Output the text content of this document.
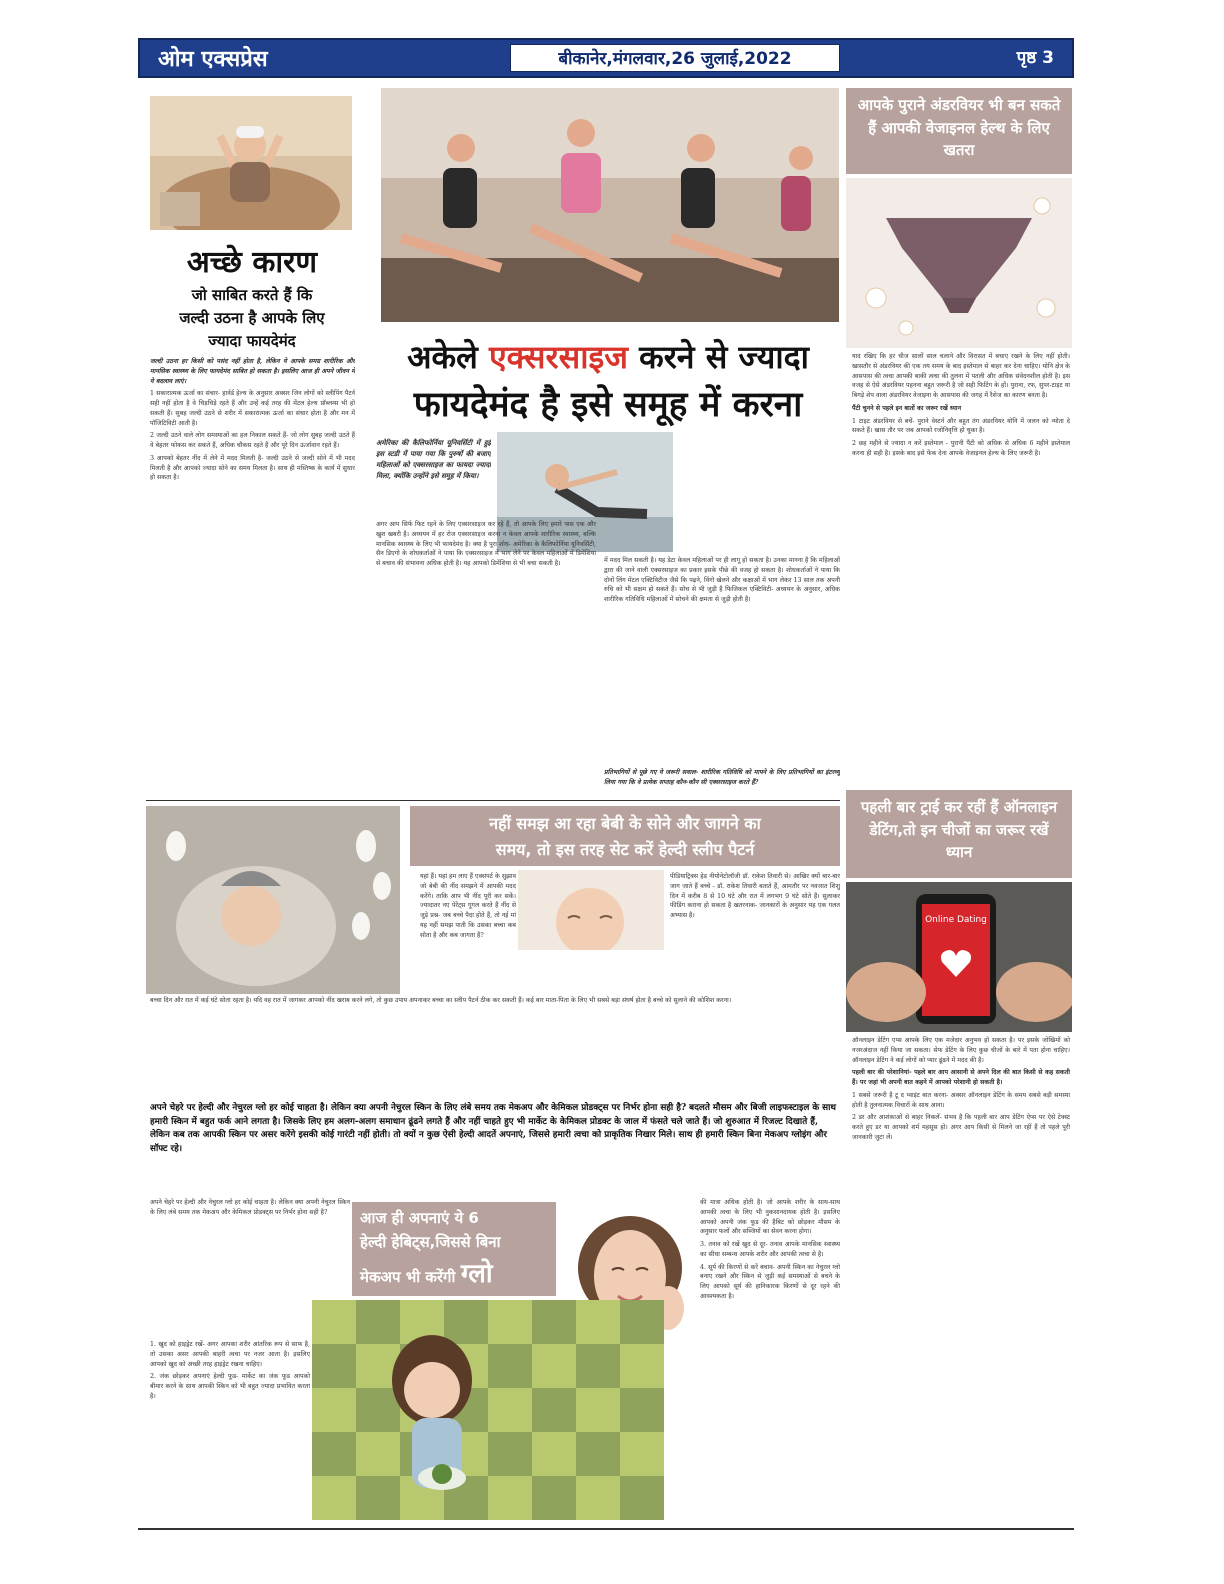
ओम एक्सप्रेस	बीकानेर,मंगलवार,26 जुलाई,2022	पृष्ठ 3
अच्छे कारण
जो साबित करते हैं कि
जल्दी उठना है आपके लिए
ज्यादा फायदेमंद

जल्दी उठना हर किसी को पसंद नहीं होता है, लेकिन ये आपके समग्र शारीरिक और मानसिक स्वास्थ्य के लिए फायदेमंद साबित हो सकता है। इसलिए आज ही अपने जीवन में ये बदलाव लाएं।

1 सकारात्मक ऊर्जा का संचार- हार्वर्ड हेल्थ के अनुसार अक्सर जिन लोगों को स्लीपिंग पैटर्न सही नहीं होता है वे चिड़चिड़े रहते हैं और उन्हें कई तरह की मेंटल हेल्थ प्रॉब्लम्स भी हो सकती हैं। सुबह जल्दी उठने से शरीर में सकारात्मक ऊर्जा का संचार होता है और मन में पॉजिटिविटी आती है।

2 जल्दी उठने वाले लोग समस्याओं का हल निकाल सकते हैं- जो लोग सुबह जल्दी उठते हैं वे बेहतर फोकस कर सकते हैं, अधिक चौकस रहते हैं और पूरे दिन ऊर्जावान रहते हैं।

3 आपको बेहतर नींद में लेने में मदद मिलती है- जल्दी उठने से जल्दी सोने में भी मदद मिलती है और आपको ज्यादा सोने का समय मिलता है। साथ ही मस्तिष्क के कार्य में सुधार हो सकता है।

अकेले एक्सरसाइज करने से ज्यादा
फायदेमंद है इसे समूह में करना
अमेरिका की कैलिफोर्निया यूनिवर्सिटी में हुई इस स्टडी में पाया गया कि पुरुषों की बजाए महिलाओं को एक्सरसाइज का फायदा ज्यादा मिला, क्योंकि उन्होंने इसे समूह में किया।
अगर आप सिर्फ फिट रहने के लिए एक्सरसाइज कर रहे हैं, तो आपके लिए हमारे पास एक और खुश खबरी है। अध्ययन में हर रोज एक्सरसाइज करना न केवल आपके शारीरिक स्वास्थ्य, बल्कि मानसिक स्वास्थ्य के लिए भी फायदेमंद है। क्या है पूरा शोध- अमेरिका के कैलिफोर्निया यूनिवर्सिटी, सैन डिएगो के शोधकर्ताओं ने पाया कि एक्सरसाइज में भाग लेने पर केवल महिलाओं में डिमेंशिया से बचाव की संभावना अधिक होती है। यह आपको डिमेंशिया से भी बचा सकती है।	में मदद मिल सकती है। यह डेटा केवल महिलाओं पर ही लागू हो सकता है। उनका मानना है कि महिलाओं द्वारा की जाने वाली एक्सरसाइज का प्रकार इसके पीछे की वजह हो सकता है। शोधकर्ताओं ने पाया कि दोनों लिंग मेंटल एक्टिविटीज जैसे कि पढ़ने, विंगो खेलने और कक्षाओं में भाग लेकर 13 साल तक अपनी रुचि को भी सक्षम हो सकते हैं। सोच से भी जुड़ी है फिजिकल एक्टिविटी- अध्ययन के अनुसार, अधिक शारीरिक गतिविधि महिलाओं में सोचने की क्षमता से जुड़ी होती है।
प्रतिभागियों से पूछे गए ये जरूरी सवाल- शारीरिक गतिविधि को मापने के लिए प्रतिभागियों का इंटरव्यू लिया गया कि वे प्रत्येक सप्ताह कौन-कौन सी एक्सरसाइज करते हैं?
आपके पुराने अंडरवियर भी बन सकते हैं आपकी वेजाइनल हेल्थ के लिए खतरा

याद रखिए कि हर चीज सालों साल चलाने और विरासत में बचाए रखने के लिए नहीं होती। खासतौर से अंडरवियर की एक तय समय के बाद इस्तेमाल से बाहर कर देना चाहिए। योनि क्षेत्र के आसपास की त्वचा आपकी बाकी त्वचा की तुलना में पतली और अधिक संवेदनशील होती है। इस वजह से ऐसे अंडरवियर पहनना बहुत जरूरी है जो सही फिटिंग के हों। पुराना, रफ, सुपर-टाइट या बिगड़े शेप वाला अंडरवियर वेजाइना के आसपास की जगह में रैशेज का कारण बनता है।

पैंटी चुनने से पहले इन बातों का जरूर रखें ध्यान

1 टाइट अंडरवियर से बचें- पुराने वेस्टर्न और बहुत तंग अंडरवियर योनि में जलन को न्योता दे सकते हैं। खास तौर पर जब आपको रजोनिवृत्ति हो चुका है।

2 छह महीने से ज्यादा न करें इस्तेमाल - पुरानी पैंटी को अधिक से अधिक 6 महीने इस्तेमाल करना ही सही है। इसके बाद इसे फेंक देना आपके वेजाइनल हेल्थ के लिए जरूरी है।

नहीं समझ आ रहा बेबी के सोने और जागने का
समय, तो इस तरह सेट करें हेल्दी स्लीप पैटर्न
यहां हैं। यहां हम लाए हैं एक्सपर्ट के सुझाव जो बेबी की नींद समझने में आपकी मदद करेंगे। ताकि आप भी नींद पूरी कर सकें। ज्यादातर नए पेरेंट्स गूगल करते हैं नींद से जुड़े प्रश्न- जब बच्चे पैदा होते हैं, तो नई मां यह नहीं समझ पाती कि उसका बच्चा कब सोता है और कब जागता है?
पीडियाट्रिक्स हेड नीयोनेटोलॉजी डॉ. राकेश तिवारी से। आखिर क्यों बार-बार जाग जाते हैं बच्चे - डॉ. राकेश तिवारी बताते हैं, आमतौर पर नवजात शिशु दिन में करीब 8 से 10 घंटे और रात में लगभग 9 घंटे सोते हैं। सुलाकर फीडिंग कराना हो सकता है खतरनाक- जानकारों के अनुसार यह एक गलत अभ्यास है।
बच्चा दिन और रात में कई घंटे सोता रहता है। यदि वह रात में जागकर आपको नींद खराब करने लगे, तो कुछ उपाय अपनाकर बच्चा का स्लीप पैटर्न ठीक कर सकती हैं। कई बार माता-पिता के लिए भी सबसे बड़ा संघर्ष होता है बच्चे को सुलाने की कोशिश करना।
पहली बार ट्राई कर रहीं हैं ऑनलाइन डेटिंग,तो इन चीजों का जरूर रखें ध्यान
Online Dating

ऑनलाइन डेटिंग एप्स आपके लिए एक मजेदार अनुभव हो सकता है। पर इसके जोखिमों को नजरअंदाज नहीं किया जा सकता। सेफ डेटिंग के लिए कुछ चीजों के बारे में पता होना चाहिए। ऑनलाइन डेटिंग ने कई लोगों को प्यार ढूंढने में मदद की है।

पहली बार की परेशानियां- पहले बार आप आसानी से अपने दिल की बात किसी से कह सकती हैं। पर जहां भी अपनी बात कहने में आपको परेशानी हो सकती है।

1 सबसे जरूरी है टू द प्वाइंट बात करना- अक्सर ऑनलाइन डेटिंग के समय सबसे बड़ी समस्या होती है तुलनात्मक विचारों के साथ आना।

2 डर और आशंकाओं से बाहर निकलें- संभव है कि पहली बार आप डेटिंग ऐप्स पर ऐसे टेक्स्ट करते हुए डर या आपको शर्म महसूस हो। अगर आप किसी से मिलने जा रहीं हैं तो पहले पूरी जानकारी जुटा लें।

अपने चेहरे पर हेल्दी और नेचुरल ग्लो हर कोई चाहता है। लेकिन क्या अपनी नेचुरल स्किन के लिए लंबे समय तक मेकअप और केमिकल प्रोडक्ट्स पर निर्भर होना सही है? बदलते मौसम और बिजी लाइफस्टाइल के साथ हमारी स्किन में बहुत फर्क आने लगता है। जिसके लिए हम अलग-अलग समाधान ढूंढने लगते हैं और नहीं चाहते हुए भी मार्केट के केमिकल प्रोडक्ट के जाल में फंसते चले जाते हैं। जो शुरुआत में रिजल्ट दिखाते हैं, लेकिन कब तक आपकी स्किन पर असर करेंगे इसकी कोई गारंटी नहीं होती। तो क्यों न कुछ ऐसी हेल्दी आदतें अपनाएं, जिससे हमारी त्वचा को प्राकृतिक निखार मिले। साथ ही हमारी स्किन बिना मेकअप ग्लोइंग और सॉफ्ट रहे।

अपने चेहरे पर हेल्दी और नेचुरल ग्लो हर कोई चाहता है। लेकिन क्या अपनी नेचुरल स्किन के लिए लंबे समय तक मेकअप और केमिकल प्रोडक्ट्स पर निर्भर होना सही है?	आज ही अपनाएं ये 6
हेल्दी हेबिट्स,जिससे बिना
मेकअप भी करेंगी ग्लो

1. खुद को हाइड्रेट रखें- अगर आपका शरीर आंतरिक रूप से साफ है, तो उसका असर आपकी बाहरी त्वचा पर नजर आता है। इसलिए आपको खुद को अच्छी तरह हाइड्रेट रखना चाहिए।

2. जंक छोड़कर अपनाएं हेल्दी फूड- मार्केट का जंक फूड आपको बीमार करने के साथ आपकी स्किन को भी बहुत ज्यादा प्रभावित करता है।

की मात्रा अधिक होती है। जो आपके शरीर के साथ-साथ आपकी त्वचा के लिए भी नुकसानदायक होती है। इसलिए आपको अपनी जंक फूड की हैबिट को छोड़कर मौसम के अनुसार फलों और सब्जियों का सेवन करना होगा।

3. तनाव को रखें खुद से दूर- तनाव आपके मानसिक स्वास्थ्य का सीधा सम्बन्ध आपके शरीर और आपकी त्वचा से है।

4. सूर्य की किरणों से करें बचाव- अपनी स्किन का नेचुरल ग्लो बनाए रखने और स्किन से जुड़ी कई समस्याओं से बचने के लिए आपको सूर्य की हानिकारक किरणों से दूर रहने की आवश्यकता है।
